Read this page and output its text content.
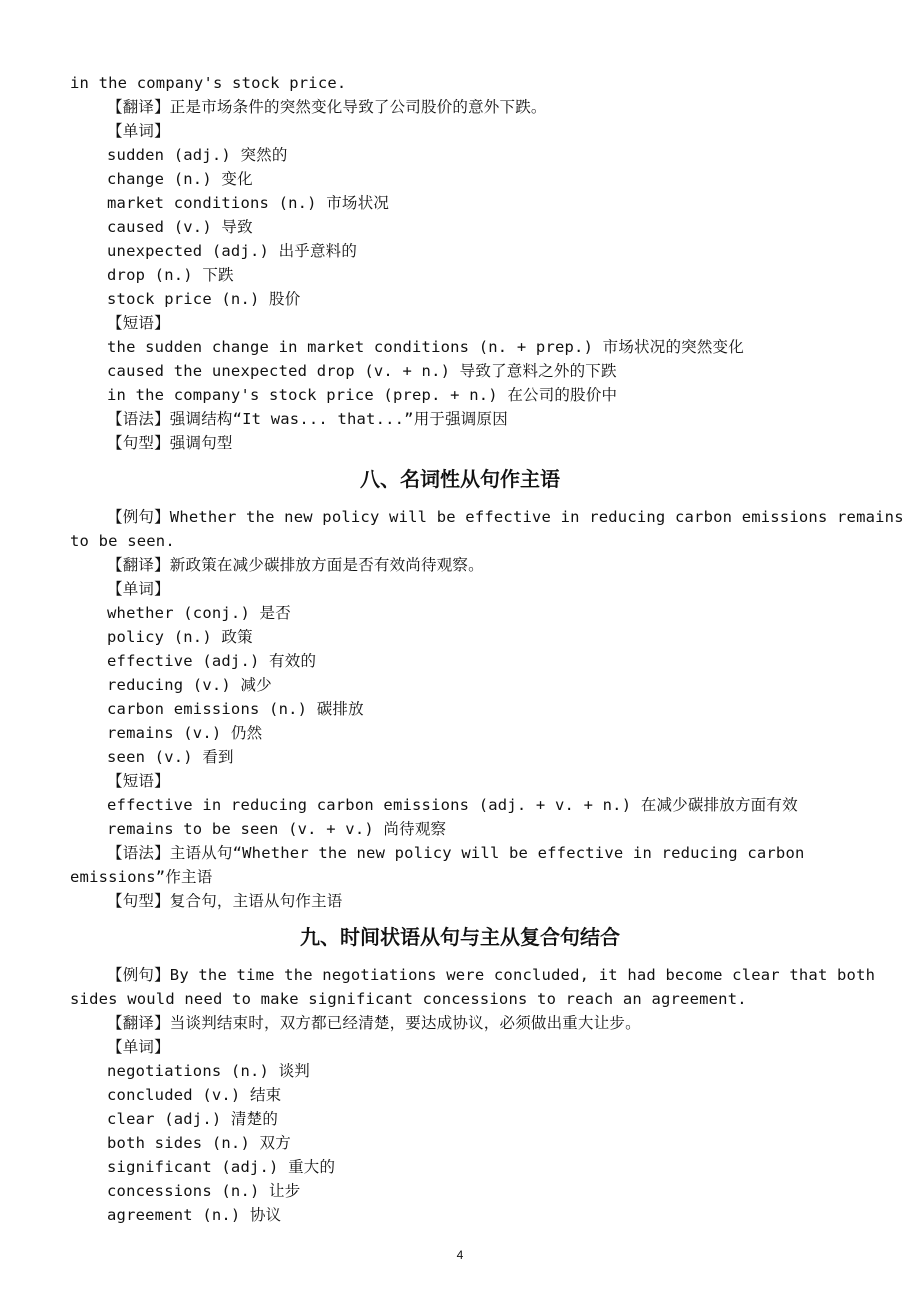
in the company's stock price.
【翻译】正是市场条件的突然变化导致了公司股价的意外下跌。
【单词】
sudden (adj.) 突然的
change (n.) 变化
market conditions (n.) 市场状况
caused (v.) 导致
unexpected (adj.) 出乎意料的
drop (n.) 下跌
stock price (n.) 股价
【短语】
the sudden change in market conditions (n. + prep.) 市场状况的突然变化
caused the unexpected drop (v. + n.) 导致了意料之外的下跌
in the company's stock price (prep. + n.) 在公司的股价中
【语法】强调结构“It was... that...”用于强调原因
【句型】强调句型
八、名词性从句作主语
【例句】Whether the new policy will be effective in reducing carbon emissions remains
to be seen.
【翻译】新政策在减少碳排放方面是否有效尚待观察。
【单词】
whether (conj.) 是否
policy (n.) 政策
effective (adj.) 有效的
reducing (v.) 减少
carbon emissions (n.) 碳排放
remains (v.) 仍然
seen (v.) 看到
【短语】
effective in reducing carbon emissions (adj. + v. + n.) 在减少碳排放方面有效
remains to be seen (v. + v.) 尚待观察
【语法】主语从句“Whether the new policy will be effective in reducing carbon
emissions”作主语
【句型】复合句，主语从句作主语
九、时间状语从句与主从复合句结合
【例句】By the time the negotiations were concluded, it had become clear that both
sides would need to make significant concessions to reach an agreement.
【翻译】当谈判结束时，双方都已经清楚，要达成协议，必须做出重大让步。
【单词】
negotiations (n.) 谈判
concluded (v.) 结束
clear (adj.) 清楚的
both sides (n.) 双方
significant (adj.) 重大的
concessions (n.) 让步
agreement (n.) 协议
4
